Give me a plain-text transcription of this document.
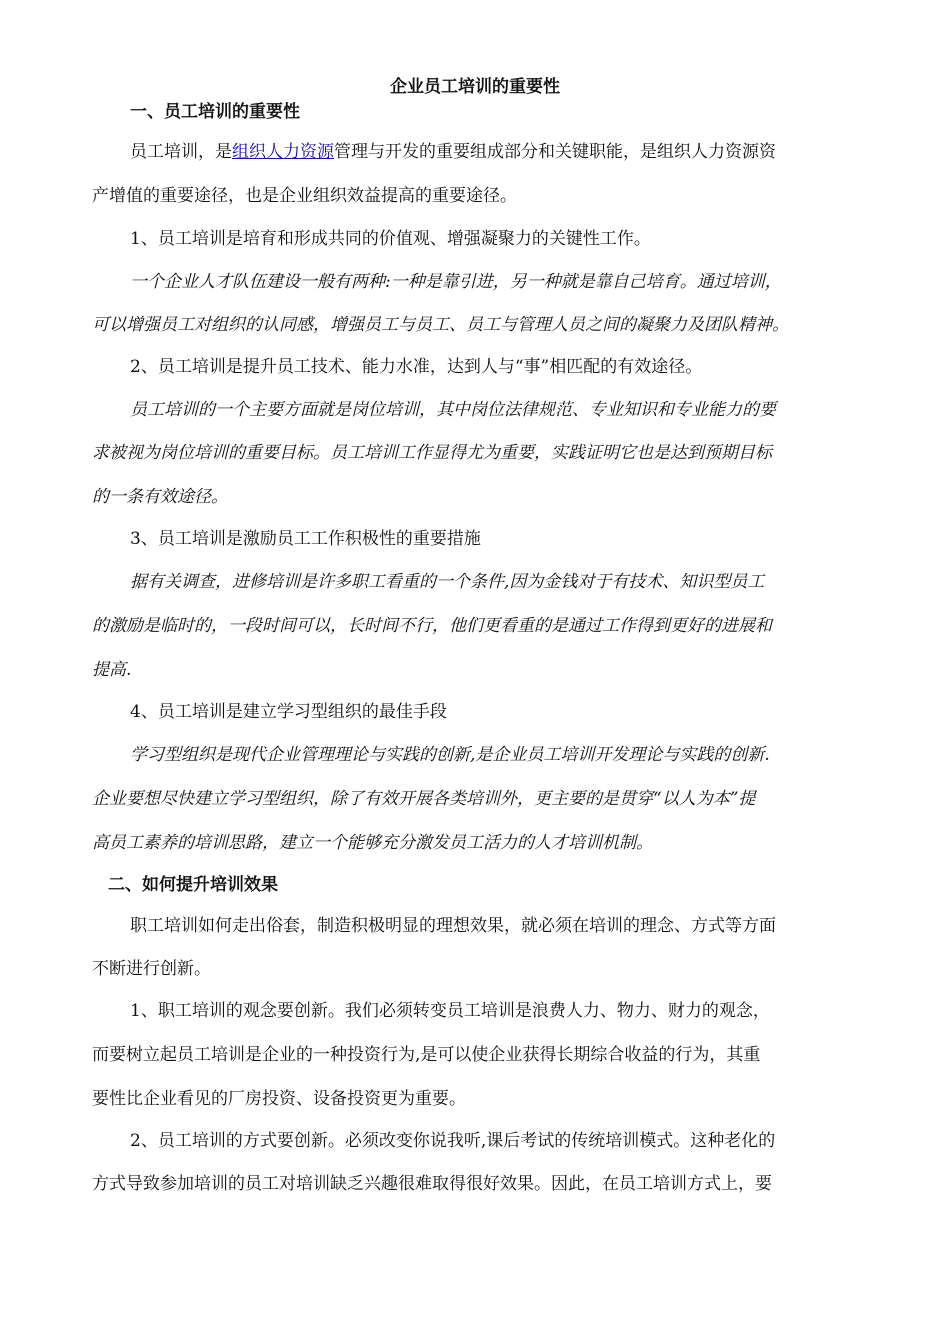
企业员工培训的重要性

一、员工培训的重要性

员工培训，是组织人力资源管理与开发的重要组成部分和关键职能，是组织人力资源资

产增值的重要途径，也是企业组织效益提高的重要途径。

1、员工培训是培育和形成共同的价值观、增强凝聚力的关键性工作。

一个企业人才队伍建设一般有两种:一种是靠引进，另一种就是靠自己培育。通过培训，

可以增强员工对组织的认同感，增强员工与员工、员工与管理人员之间的凝聚力及团队精神。

2、员工培训是提升员工技术、能力水准，达到人与“事”相匹配的有效途径。

员工培训的一个主要方面就是岗位培训，其中岗位法律规范、专业知识和专业能力的要

求被视为岗位培训的重要目标。员工培训工作显得尤为重要，实践证明它也是达到预期目标

的一条有效途径。

3、员工培训是激励员工工作积极性的重要措施

据有关调查，进修培训是许多职工看重的一个条件,因为金钱对于有技术、知识型员工

的激励是临时的，一段时间可以，长时间不行，他们更看重的是通过工作得到更好的进展和

提高.

4、员工培训是建立学习型组织的最佳手段

学习型组织是现代企业管理理论与实践的创新,是企业员工培训开发理论与实践的创新.

企业要想尽快建立学习型组织，除了有效开展各类培训外，更主要的是贯穿“以人为本”提

高员工素养的培训思路，建立一个能够充分激发员工活力的人才培训机制。

二、如何提升培训效果

职工培训如何走出俗套，制造积极明显的理想效果，就必须在培训的理念、方式等方面

不断进行创新。

1、职工培训的观念要创新。我们必须转变员工培训是浪费人力、物力、财力的观念，

而要树立起员工培训是企业的一种投资行为,是可以使企业获得长期综合收益的行为，其重

要性比企业看见的厂房投资、设备投资更为重要。

2、员工培训的方式要创新。必须改变你说我听,课后考试的传统培训模式。这种老化的

方式导致参加培训的员工对培训缺乏兴趣很难取得很好效果。因此，在员工培训方式上，要
